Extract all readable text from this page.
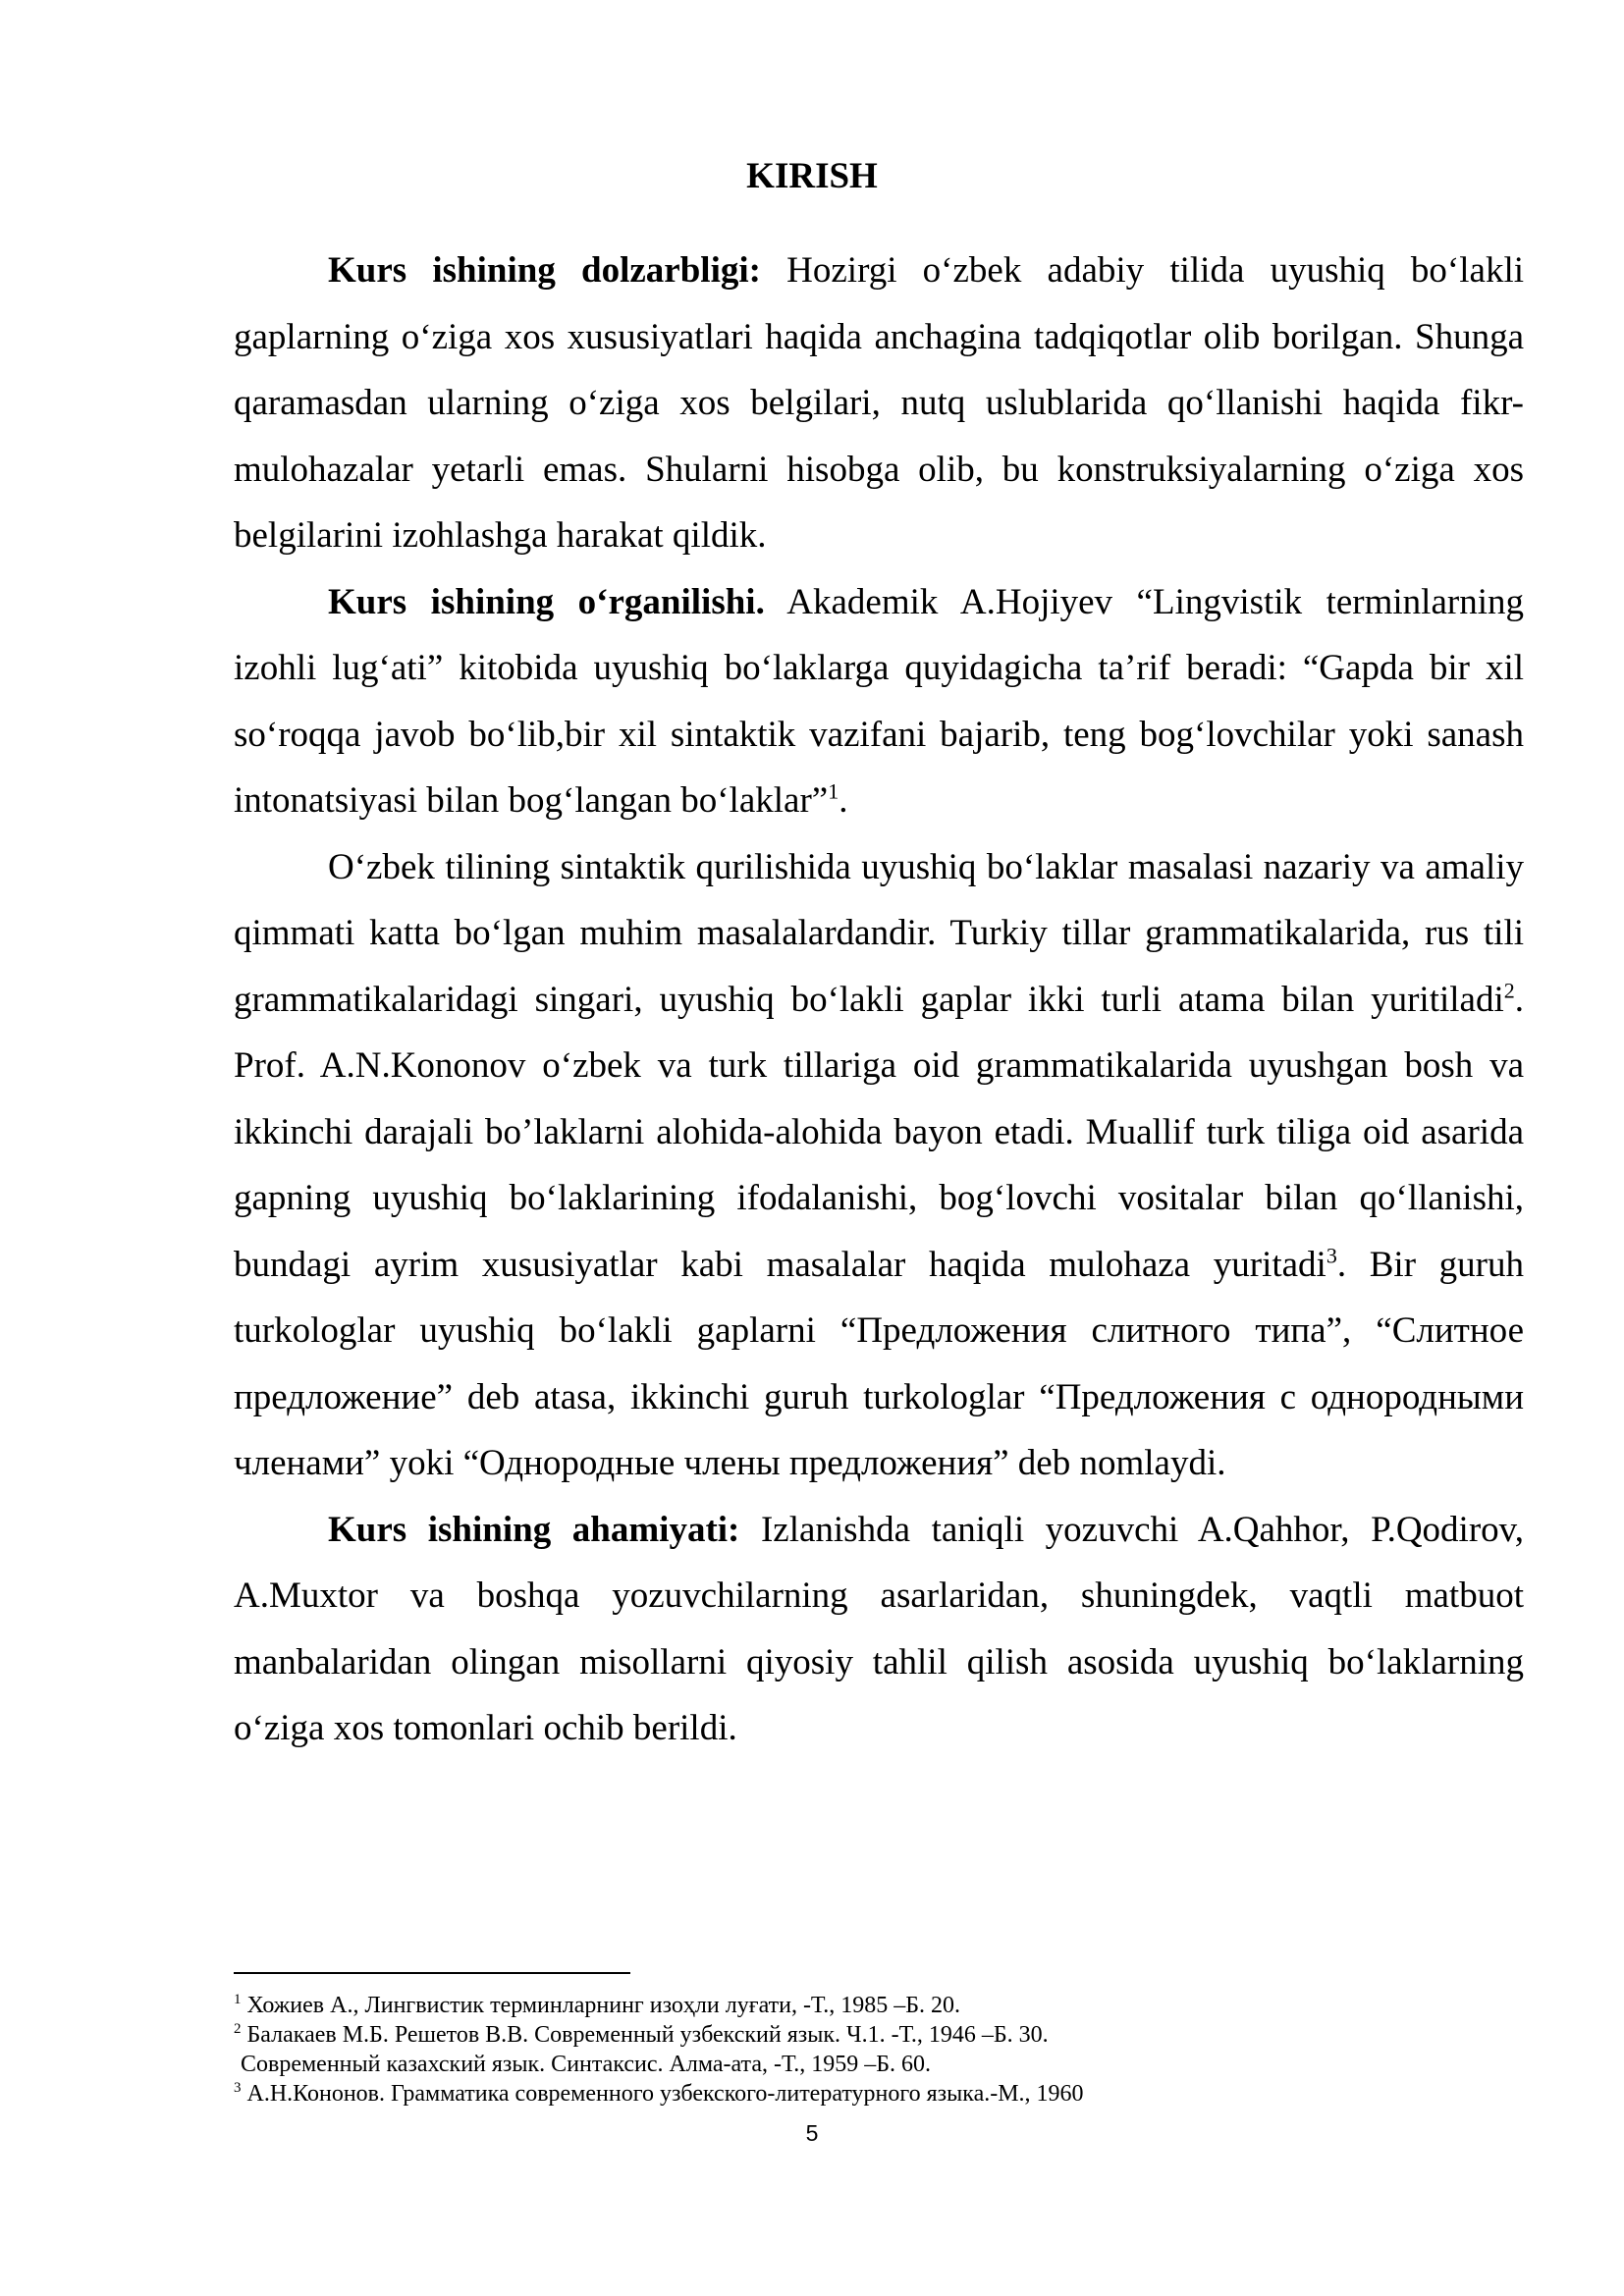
KIRISH

Kurs ishining dolzarbligi: Hozirgi o‘zbek adabiy tilida uyushiq bo‘lakli gaplarning o‘ziga xos xususiyatlari haqida anchagina tadqiqotlar olib borilgan. Shunga qaramasdan ularning o‘ziga xos belgilari, nutq uslublarida qo‘llanishi haqida fikr-mulohazalar yetarli emas. Shularni hisobga olib, bu konstruksiyalarning o‘ziga xos belgilarini izohlashga harakat qildik.

Kurs ishining o‘rganilishi. Akademik A.Hojiyev “Lingvistik terminlarning izohli lug‘ati” kitobida uyushiq bo‘laklarga quyidagicha ta’rif beradi: “Gapda bir xil so‘roqqa javob bo‘lib,bir xil sintaktik vazifani bajarib, teng bog‘lovchilar yoki sanash intonatsiyasi bilan bog‘langan bo‘laklar”$^1$.

O‘zbek tilining sintaktik qurilishida uyushiq bo‘laklar masalasi nazariy va amaliy qimmati katta bo‘lgan muhim masalalardandir. Turkiy tillar grammatikalarida, rus tili grammatikalaridagi singari, uyushiq bo‘lakli gaplar ikki turli atama bilan yuritiladi$^2$. Prof. A.N.Kononov o‘zbek va turk tillariga oid grammatikalarida uyushgan bosh va ikkinchi darajali bo’laklarni alohida-alohida bayon etadi. Muallif turk tiliga oid asarida gapning uyushiq bo‘laklarining ifodalanishi, bog‘lovchi vositalar bilan qo‘llanishi, bundagi ayrim xususiyatlar kabi masalalar haqida mulohaza yuritadi$^3$. Bir guruh turkologlar uyushiq bo‘lakli gaplarni “Предложения слитного типа”, “Слитное предложение” deb atasa, ikkinchi guruh turkologlar “Предложения с однородными членами” yoki “Однородные члены предложения” deb nomlaydi.

Kurs ishining ahamiyati: Izlanishda taniqli yozuvchi A.Qahhor, P.Qodirov, A.Muxtor va boshqa yozuvchilarning asarlaridan, shuningdek, vaqtli matbuot manbalaridan olingan misollarni qiyosiy tahlil qilish asosida uyushiq bo‘laklarning o‘ziga xos tomonlari ochib berildi.

$^1$ Хожиев А., Лингвистик терминларнинг изоҳли луғати, -Т., 1985 –Б. 20.

$^2$ Балакаев М.Б. Решетов В.В. Современный узбекский язык. Ч.1. -Т., 1946 –Б. 30.

Современный казахский язык. Синтаксис. Алма-ата, -Т., 1959 –Б. 60.

$^3$ А.Н.Кононов. Грамматика современного узбекского-литературного языка.-М., 1960

5
